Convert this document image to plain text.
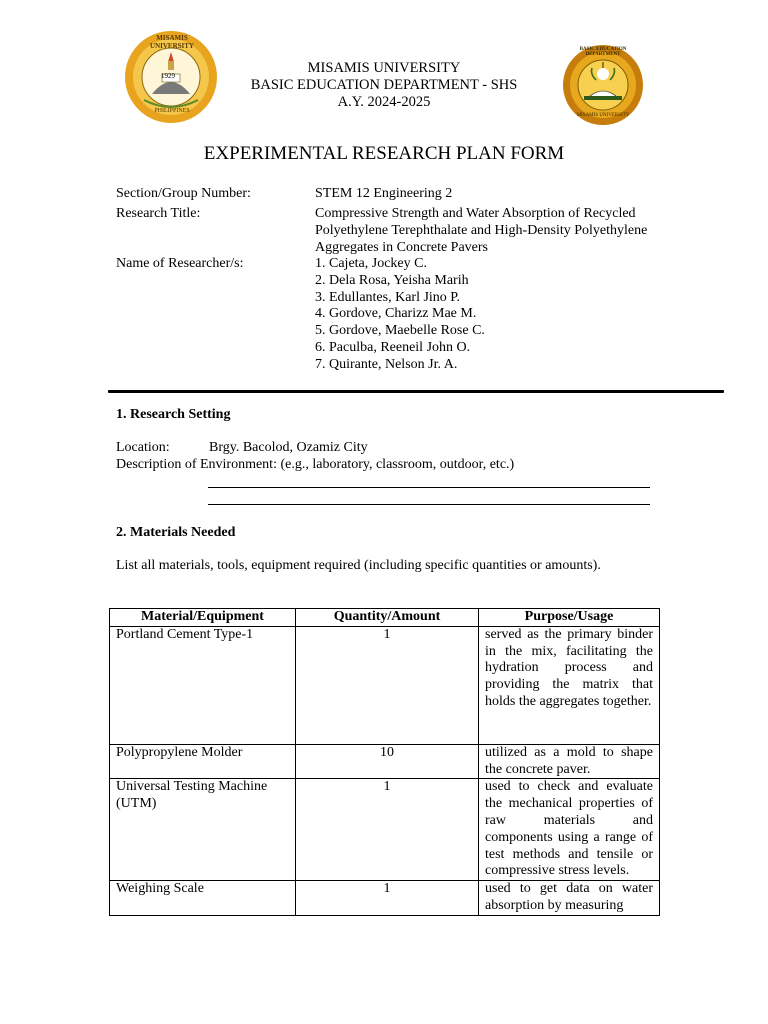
1929
MISAMIS UNIVERSITY
PHILIPPINES
BASIC EDUCATION DEPARTMENT
MISAMIS UNIVERSITY
MISAMIS UNIVERSITY
BASIC EDUCATION DEPARTMENT - SHS
A.Y. 2024-2025
EXPERIMENTAL RESEARCH PLAN FORM
Section/Group Number:	STEM 12 Engineering 2
Research Title:	Compressive Strength and Water Absorption of Recycled Polyethylene Terephthalate and High-Density Polyethylene Aggregates in Concrete Pavers
Name of Researcher/s:	1. Cajeta, Jockey C.
2. Dela Rosa, Yeisha Marih
3. Edullantes, Karl Jino P.
4. Gordove, Charizz Mae M.
5. Gordove, Maebelle Rose C.
6. Paculba, Reeneil John O.
7. Quirante, Nelson Jr. A.
1. Research Setting
Location:	Brgy. Bacolod, Ozamiz City
Description of Environment: (e.g., laboratory, classroom, outdoor, etc.)
2. Materials Needed
List all materials, tools, equipment required (including specific quantities or amounts).
Material/Equipment	Quantity/Amount	Purpose/Usage
Portland Cement Type-1	1	served as the primary binder in the mix, facilitating the hydration process and providing the matrix that holds the aggregates together.
Polypropylene Molder	10	utilized as a mold to shape the concrete paver.
Universal Testing Machine (UTM)	1	used to check and evaluate the mechanical properties of raw materials and components using a range of test methods and tensile or compressive stress levels.
Weighing Scale	1	used to get data on water absorption by measuring
